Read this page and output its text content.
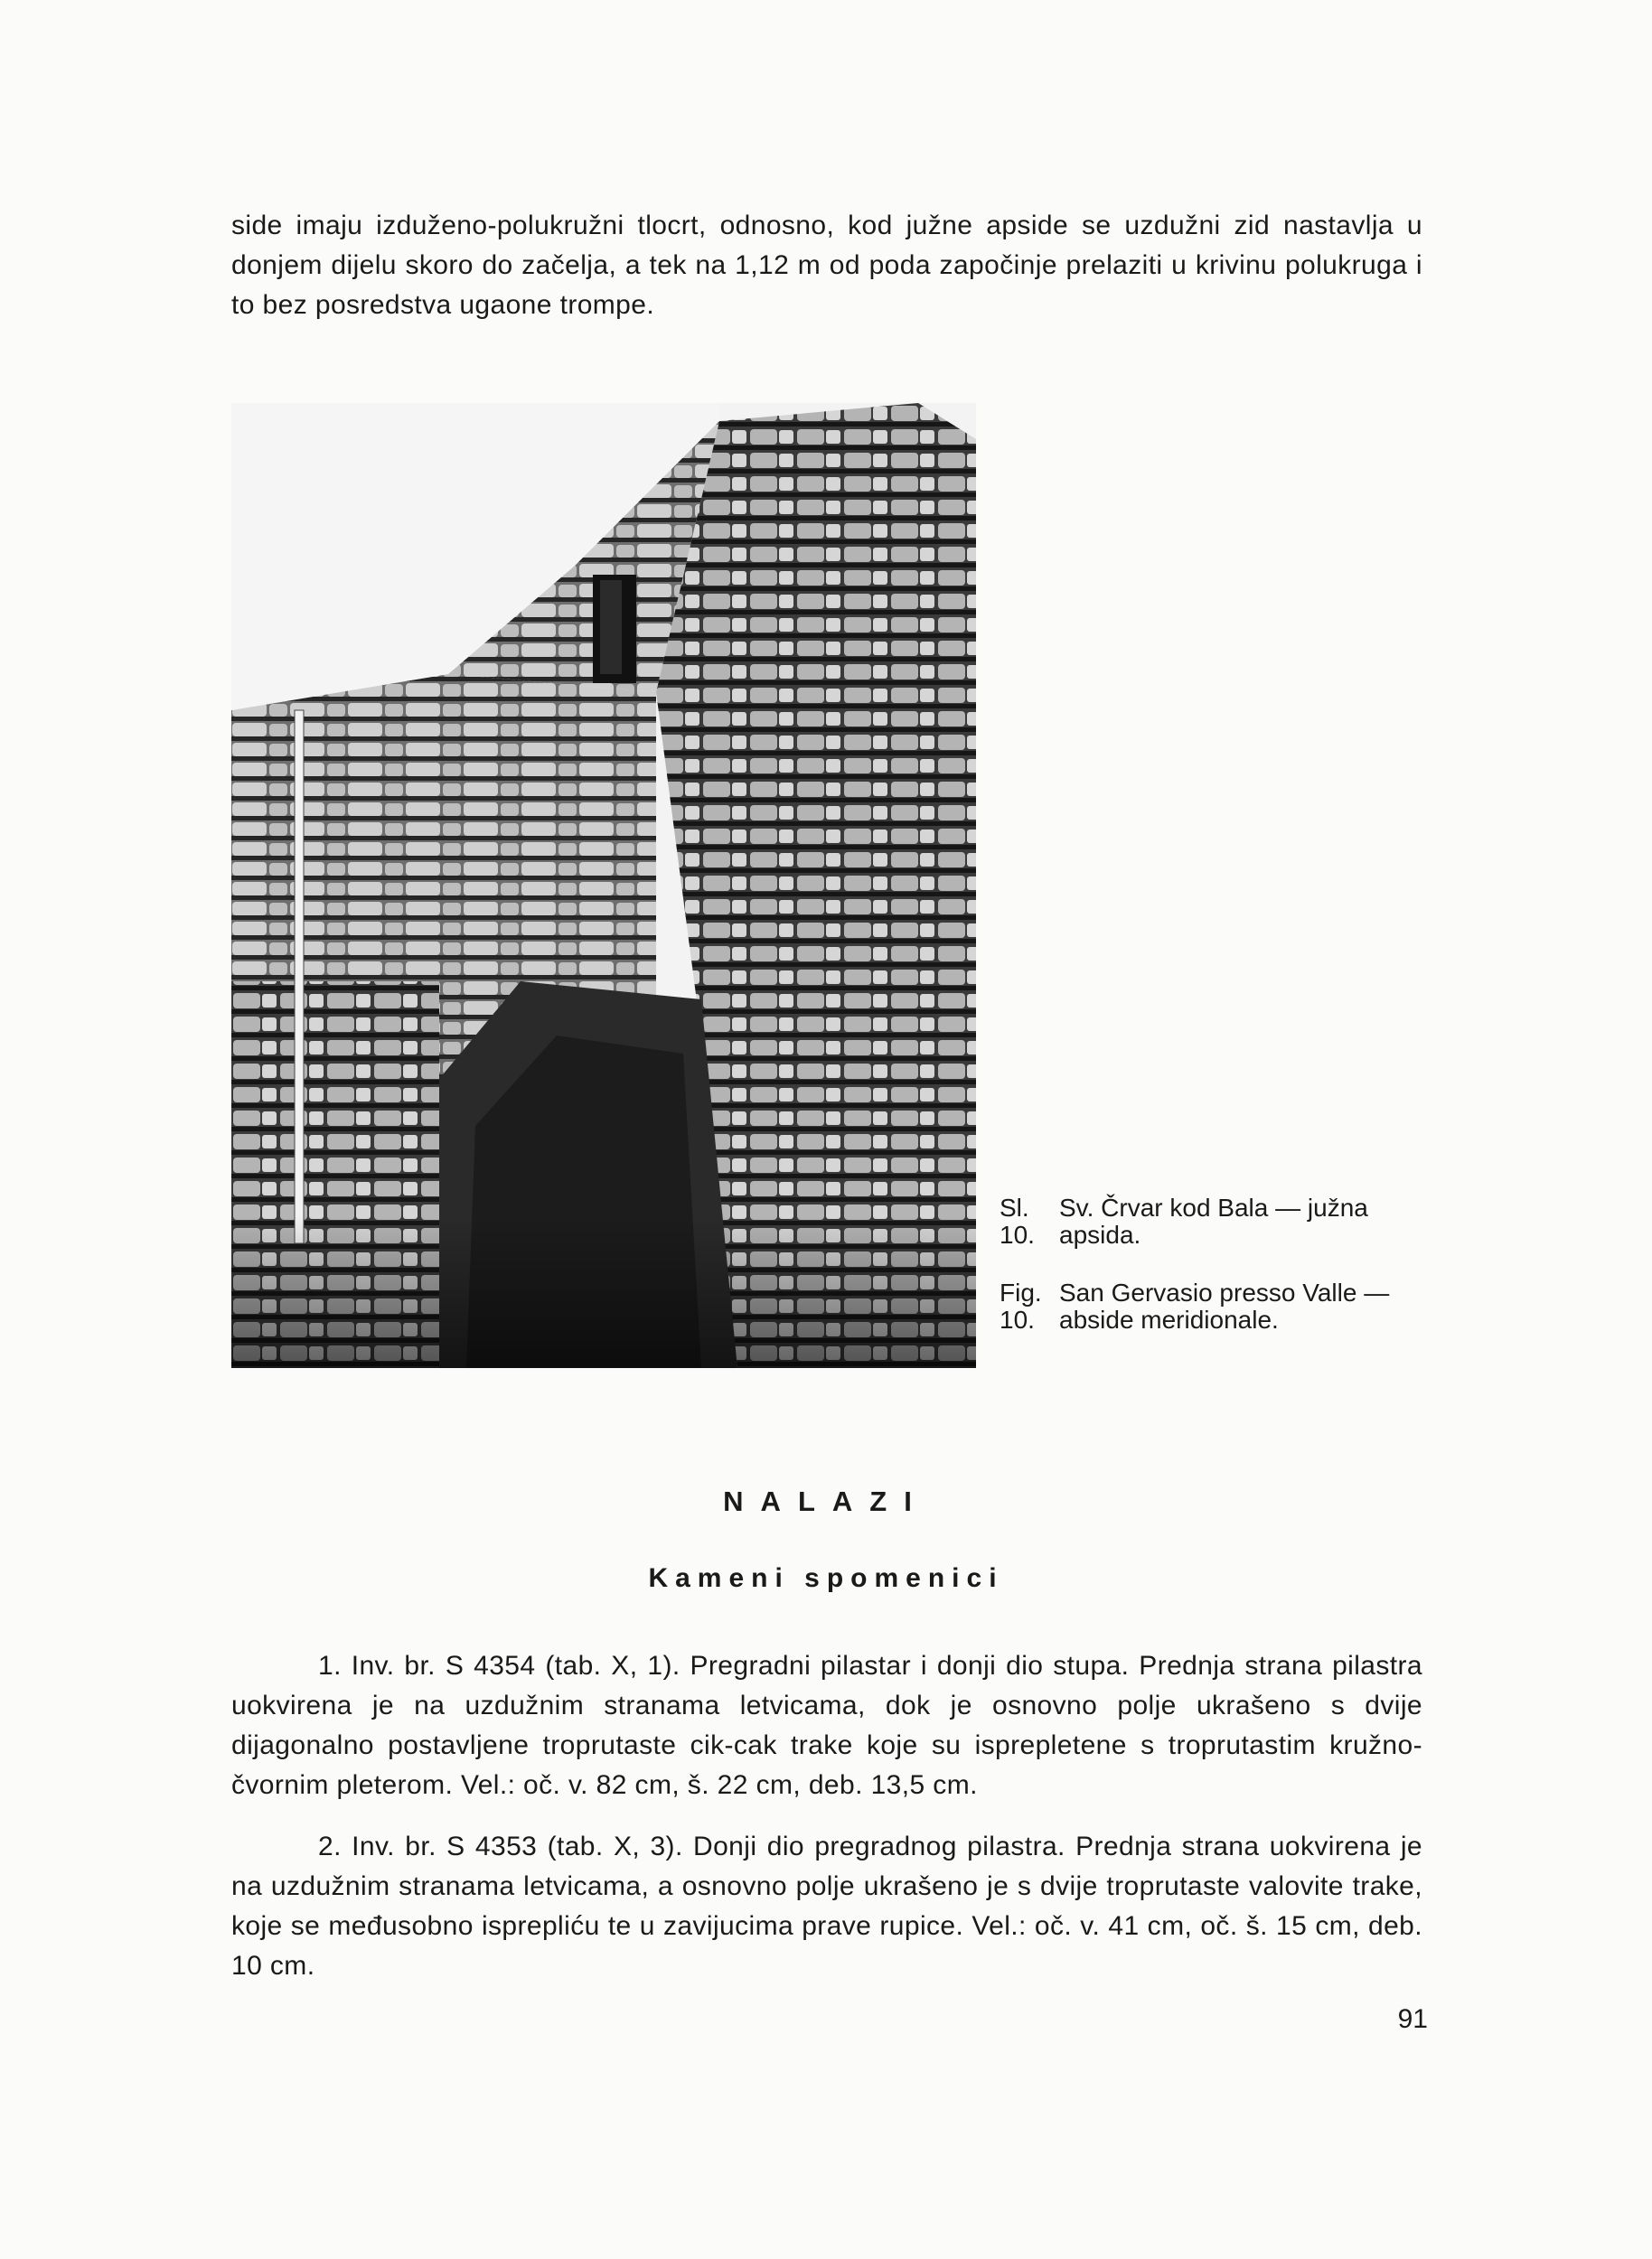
side imaju izduženo-polukružni tlocrt, odnosno, kod južne apside se uzdužni zid nastavlja u donjem dijelu skoro do začelja, a tek na 1,12 m od poda započinje prelaziti u krivinu polukruga i to bez posredstva ugaone trompe.

Sl. 10.Sv. Črvar kod Bala — južna apsida.

Fig. 10.San Gervasio presso Valle — abside meridionale.

NALAZI
Kameni spomenici

1. Inv. br. S 4354 (tab. X, 1). Pregradni pilastar i donji dio stupa. Prednja strana pilastra uokvirena je na uzdužnim stranama letvicama, dok je osnovno polje ukrašeno s dvije dijagonalno postavljene troprutaste cik-cak trake koje su isprepletene s troprutastim kružno-čvornim pleterom. Vel.: oč. v. 82 cm, š. 22 cm, deb. 13,5 cm.

2. Inv. br. S 4353 (tab. X, 3). Donji dio pregradnog pilastra. Prednja strana uokvirena je na uzdužnim stranama letvicama, a osnovno polje ukrašeno je s dvije troprutaste valovite trake, koje se međusobno isprepliću te u zavijucima prave rupice. Vel.: oč. v. 41 cm, oč. š. 15 cm, deb. 10 cm.

91
